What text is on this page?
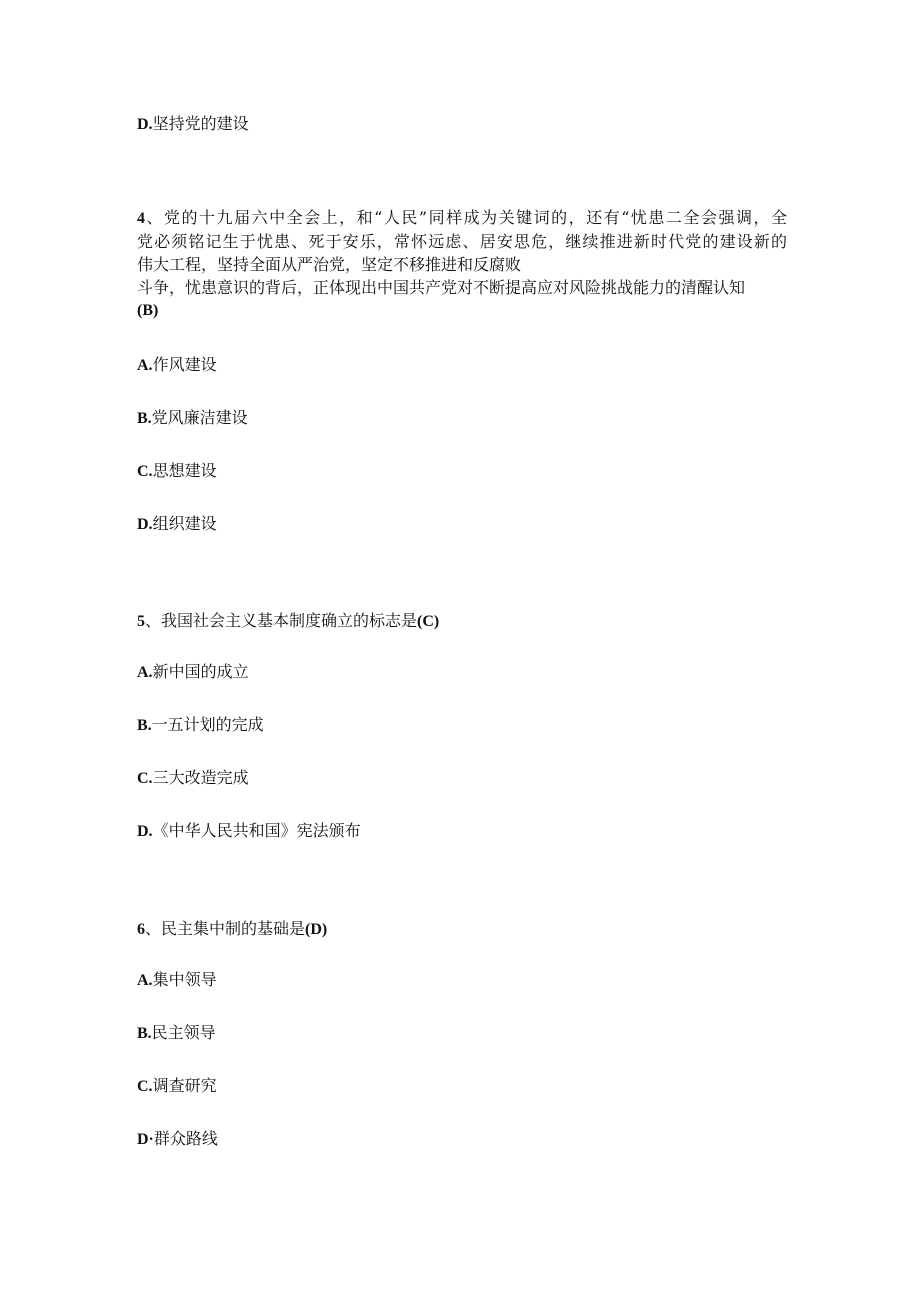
D.坚持党的建设
4、党的十九届六中全会上，和“人民”同样成为关键词的，还有“忧患二全会强调，全
党必须铭记生于忧患、死于安乐，常怀远虑、居安思危，继续推进新时代党的建设新的
伟大工程，坚持全面从严治党，坚定不移推进和反腐败
斗争，忧患意识的背后，正体现出中国共产党对不断提高应对风险挑战能力的清醒认知
(B)
A.作风建设
B.党风廉洁建设
C.思想建设
D.组织建设
5、我国社会主义基本制度确立的标志是(C)
A.新中国的成立
B.一五计划的完成
C.三大改造完成
D.《中华人民共和国》宪法颁布
6、民主集中制的基础是(D)
A.集中领导
B.民主领导
C.调查研究
D·群众路线
